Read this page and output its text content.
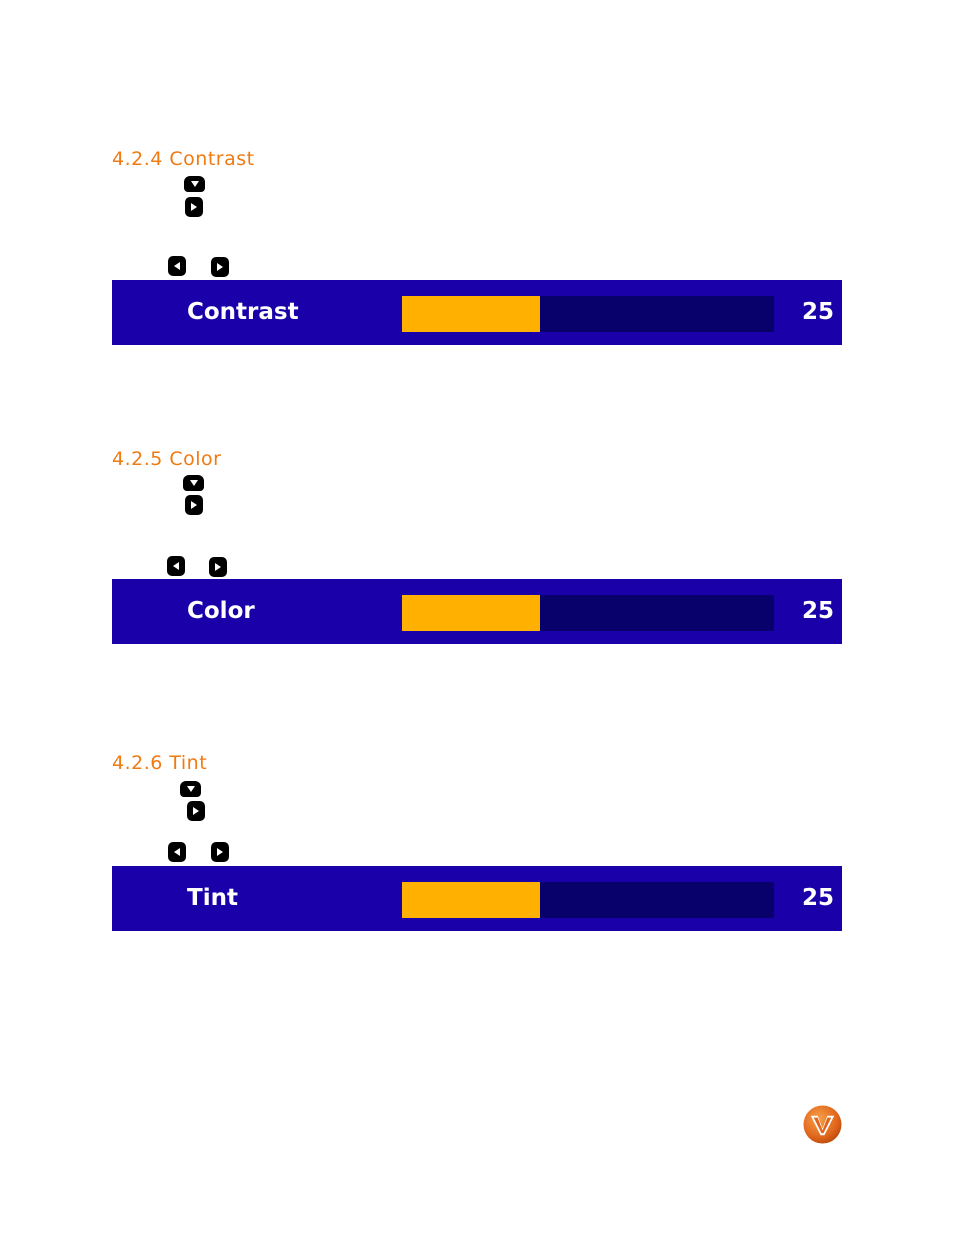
4.2.4 Contrast
Contrast	25
4.2.5 Color
Color	25
4.2.6 Tint
Tint	25
